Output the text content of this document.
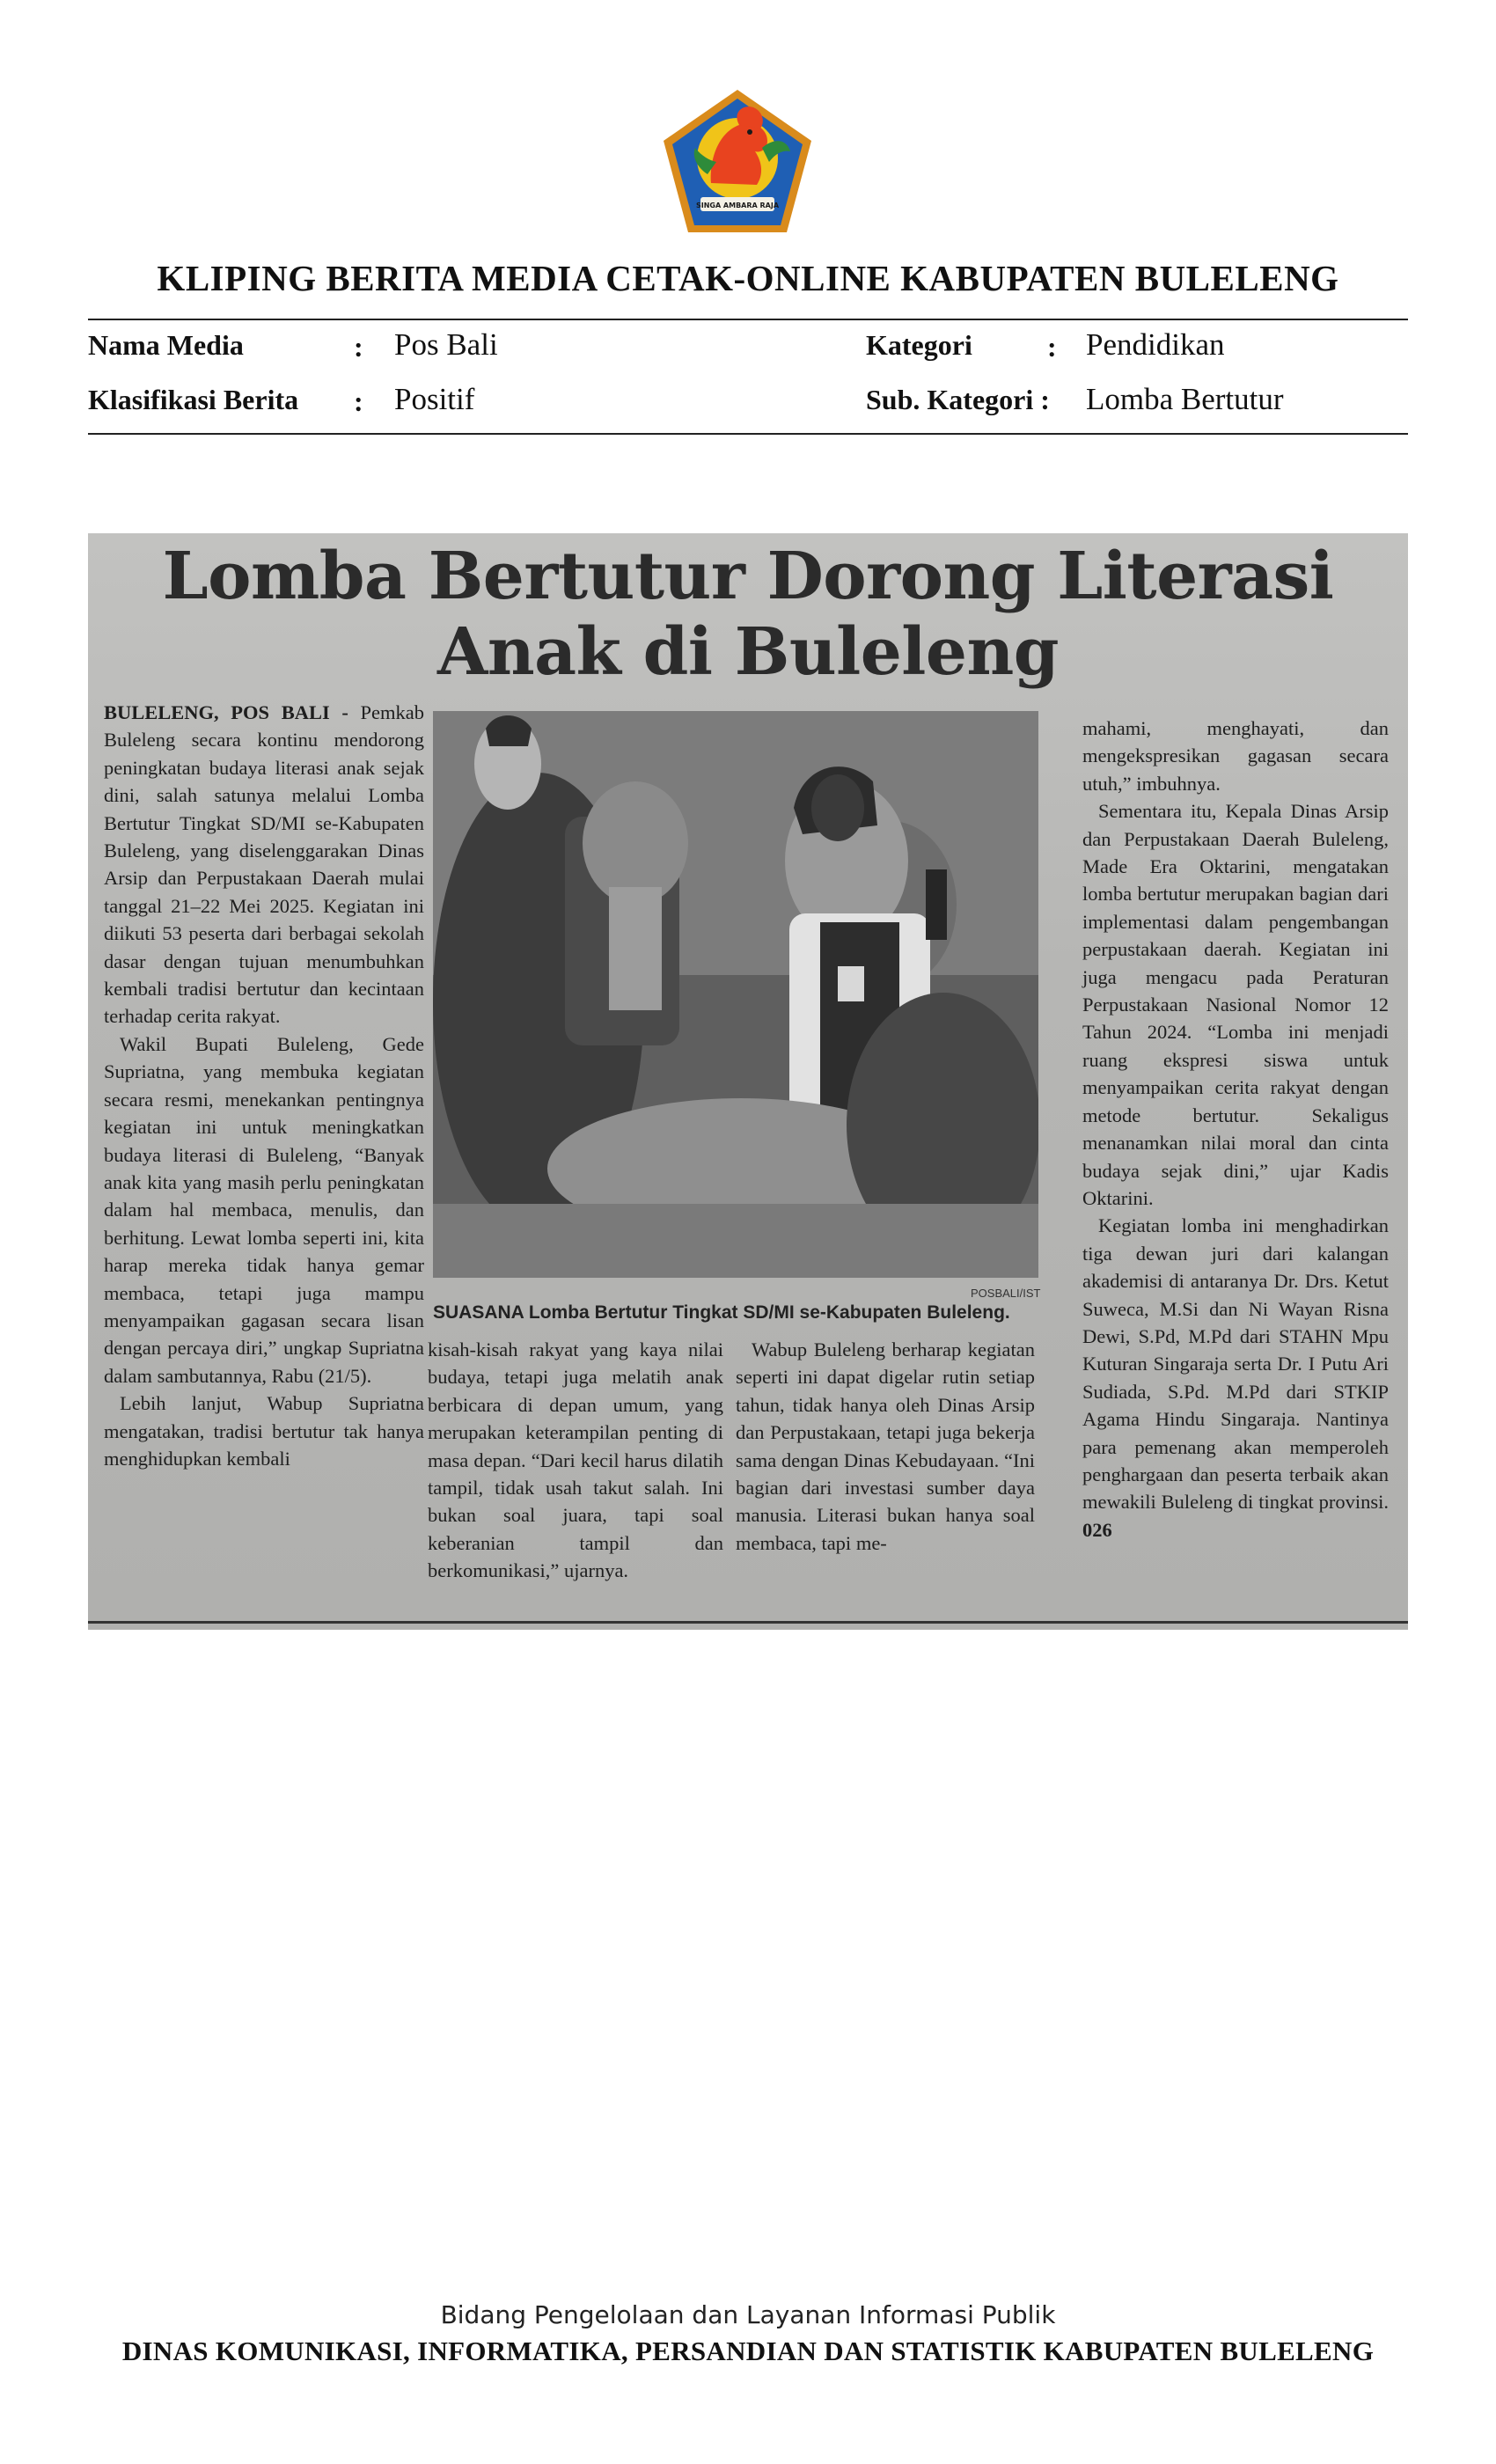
SINGA AMBARA RAJA
KLIPING BERITA MEDIA CETAK-ONLINE KABUPATEN BULELENG
Nama Media	: Pos Bali	Kategori	: Pendidikan
Klasifikasi Berita : Positif	Sub. Kategori : Lomba Bertutur
Lomba Bertutur Dorong Literasi
Anak di Buleleng

BULELENG, POS BALI - Pemkab Buleleng secara kontinu mendorong peningkatan budaya literasi anak sejak dini, salah satunya melalui Lomba Bertutur Tingkat SD/MI se-Kabupaten Buleleng, yang diselenggarakan Dinas Arsip dan Perpustakaan Daerah mulai tanggal 21–22 Mei 2025. Kegiatan ini diikuti 53 peserta dari berbagai sekolah dasar dengan tujuan menumbuhkan kembali tradisi bertutur dan kecintaan terhadap cerita rakyat.

Wakil Bupati Buleleng, Gede Supriatna, yang membuka kegiatan secara resmi, menekankan pentingnya kegiatan ini untuk meningkatkan budaya literasi di Buleleng, “Banyak anak kita yang masih perlu peningkatan dalam hal membaca, menulis, dan berhitung. Lewat lomba seperti ini, kita harap mereka tidak hanya gemar membaca, tetapi juga mampu menyampaikan gagasan secara lisan dengan percaya diri,” ungkap Supriatna dalam sambutannya, Rabu (21/5).

Lebih lanjut, Wabup Supriatna mengatakan, tradisi bertutur tak hanya menghidupkan kembali

POSBALI/IST
SUASANA Lomba Bertutur Tingkat SD/MI se-Kabupaten Buleleng.

kisah-kisah rakyat yang kaya nilai budaya, tetapi juga melatih anak berbicara di depan umum, yang merupakan keterampilan penting di masa depan. “Dari kecil harus dilatih tampil, tidak usah takut salah. Ini bukan soal juara, tapi soal keberanian tampil dan berkomunikasi,” ujarnya.

Wabup Buleleng berharap kegiatan seperti ini dapat digelar rutin setiap tahun, tidak hanya oleh Dinas Arsip dan Perpustakaan, tetapi juga bekerja sama dengan Dinas Kebudayaan. “Ini bagian dari investasi sumber daya manusia. Literasi bukan hanya soal membaca, tapi me-

mahami, menghayati, dan mengekspresikan gagasan secara utuh,” imbuhnya.

Sementara itu, Kepala Dinas Arsip dan Perpustakaan Daerah Buleleng, Made Era Oktarini, mengatakan lomba bertutur merupakan bagian dari implementasi dalam pengembangan perpustakaan daerah. Kegiatan ini juga mengacu pada Peraturan Perpustakaan Nasional Nomor 12 Tahun 2024. “Lomba ini menjadi ruang ekspresi siswa untuk menyampaikan cerita rakyat dengan metode bertutur. Sekaligus menanamkan nilai moral dan cinta budaya sejak dini,” ujar Kadis Oktarini.

Kegiatan lomba ini menghadirkan tiga dewan juri dari kalangan akademisi di antaranya Dr. Drs. Ketut Suweca, M.Si dan Ni Wayan Risna Dewi, S.Pd, M.Pd dari STAHN Mpu Kuturan Singaraja serta Dr. I Putu Ari Sudiada, S.Pd. M.Pd dari STKIP Agama Hindu Singaraja. Nantinya para pemenang akan memperoleh penghargaan dan peserta terbaik akan mewakili Buleleng di tingkat provinsi. 026

Bidang Pengelolaan dan Layanan Informasi Publik
DINAS KOMUNIKASI, INFORMATIKA, PERSANDIAN DAN STATISTIK KABUPATEN BULELENG
